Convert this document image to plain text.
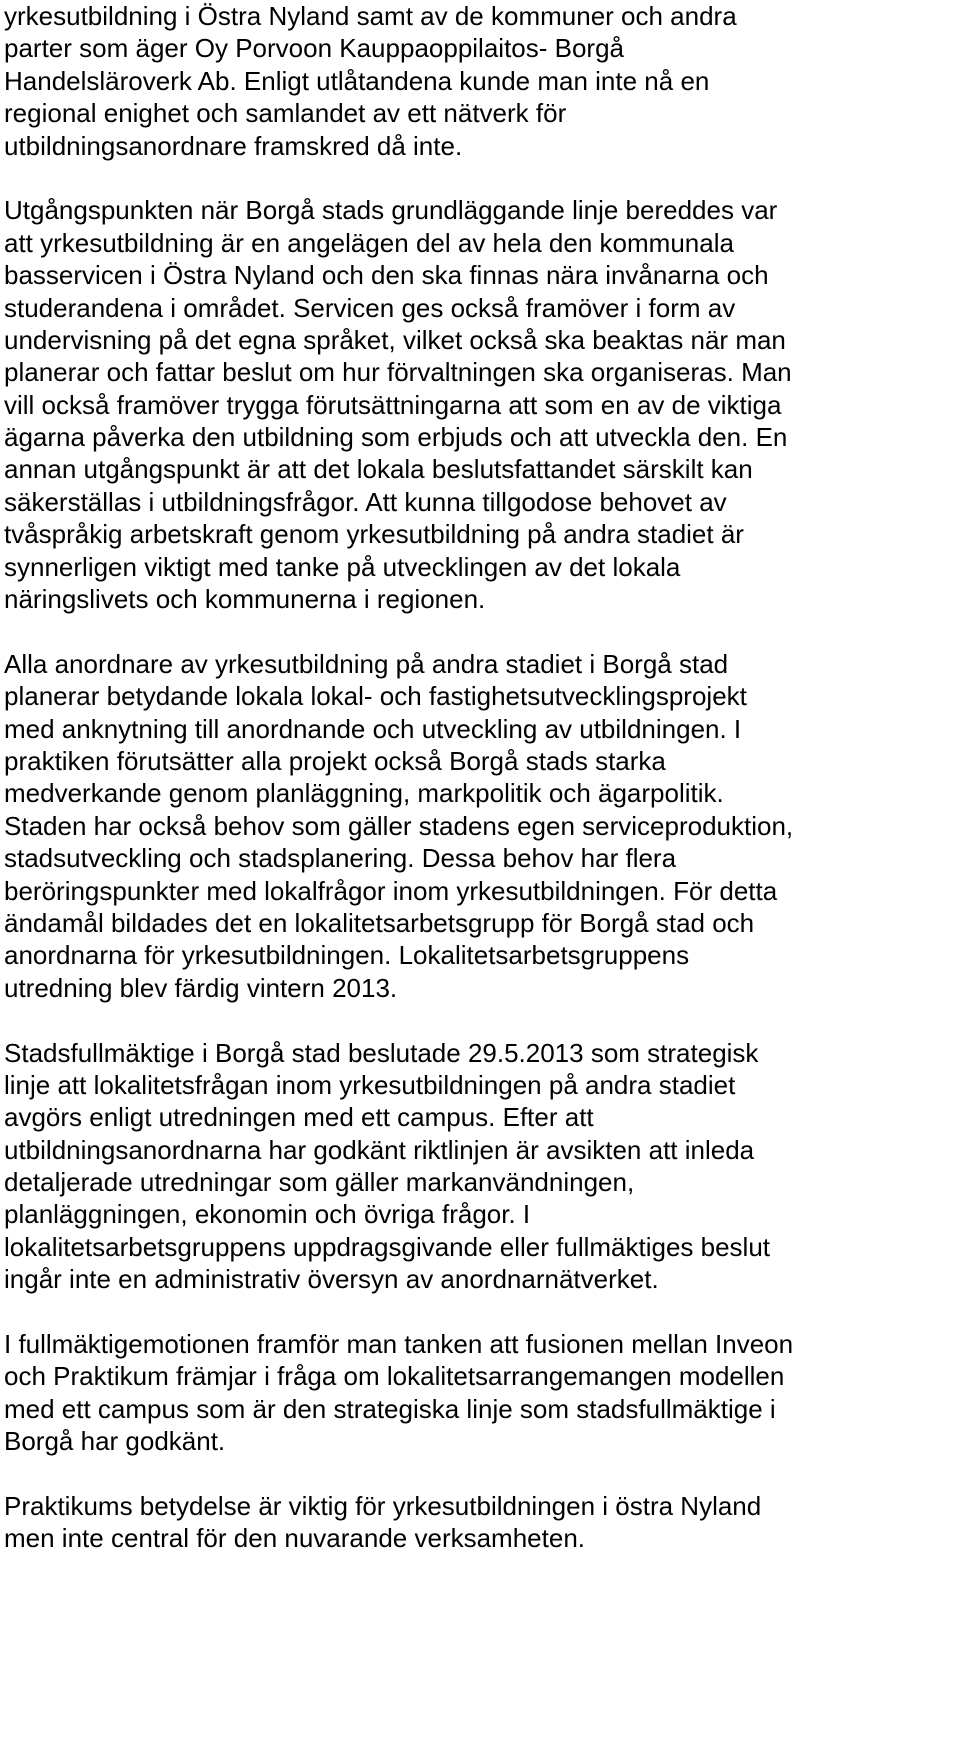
yrkesutbildning i Östra Nyland samt av de kommuner och andra
parter som äger Oy Porvoon Kauppaoppilaitos- Borgå
Handelsläroverk Ab. Enligt utlåtandena kunde man inte nå en
regional enighet och samlandet av ett nätverk för
utbildningsanordnare framskred då inte.
Utgångspunkten när Borgå stads grundläggande linje bereddes var
att yrkesutbildning är en angelägen del av hela den kommunala
basservicen i Östra Nyland och den ska finnas nära invånarna och
studerandena i området. Servicen ges också framöver i form av
undervisning på det egna språket, vilket också ska beaktas när man
planerar och fattar beslut om hur förvaltningen ska organiseras. Man
vill också framöver trygga förutsättningarna att som en av de viktiga
ägarna påverka den utbildning som erbjuds och att utveckla den. En
annan utgångspunkt är att det lokala beslutsfattandet särskilt kan
säkerställas i utbildningsfrågor. Att kunna tillgodose behovet av
tvåspråkig arbetskraft genom yrkesutbildning på andra stadiet är
synnerligen viktigt med tanke på utvecklingen av det lokala
näringslivets och kommunerna i regionen.
Alla anordnare av yrkesutbildning på andra stadiet i Borgå stad
planerar betydande lokala lokal- och fastighetsutvecklingsprojekt
med anknytning till anordnande och utveckling av utbildningen. I
praktiken förutsätter alla projekt också Borgå stads starka
medverkande genom planläggning, markpolitik och ägarpolitik.
Staden har också behov som gäller stadens egen serviceproduktion,
stadsutveckling och stadsplanering. Dessa behov har flera
beröringspunkter med lokalfrågor inom yrkesutbildningen. För detta
ändamål bildades det en lokalitetsarbetsgrupp för Borgå stad och
anordnarna för yrkesutbildningen. Lokalitetsarbetsgruppens
utredning blev färdig vintern 2013.
Stadsfullmäktige i Borgå stad beslutade 29.5.2013 som strategisk
linje att lokalitetsfrågan inom yrkesutbildningen på andra stadiet
avgörs enligt utredningen med ett campus. Efter att
utbildningsanordnarna har godkänt riktlinjen är avsikten att inleda
detaljerade utredningar som gäller markanvändningen,
planläggningen, ekonomin och övriga frågor. I
lokalitetsarbetsgruppens uppdragsgivande eller fullmäktiges beslut
ingår inte en administrativ översyn av anordnarnätverket.
I fullmäktigemotionen framför man tanken att fusionen mellan Inveon
och Praktikum främjar i fråga om lokalitetsarrangemangen modellen
med ett campus som är den strategiska linje som stadsfullmäktige i
Borgå har godkänt.
Praktikums betydelse är viktig för yrkesutbildningen i östra Nyland
men inte central för den nuvarande verksamheten.
